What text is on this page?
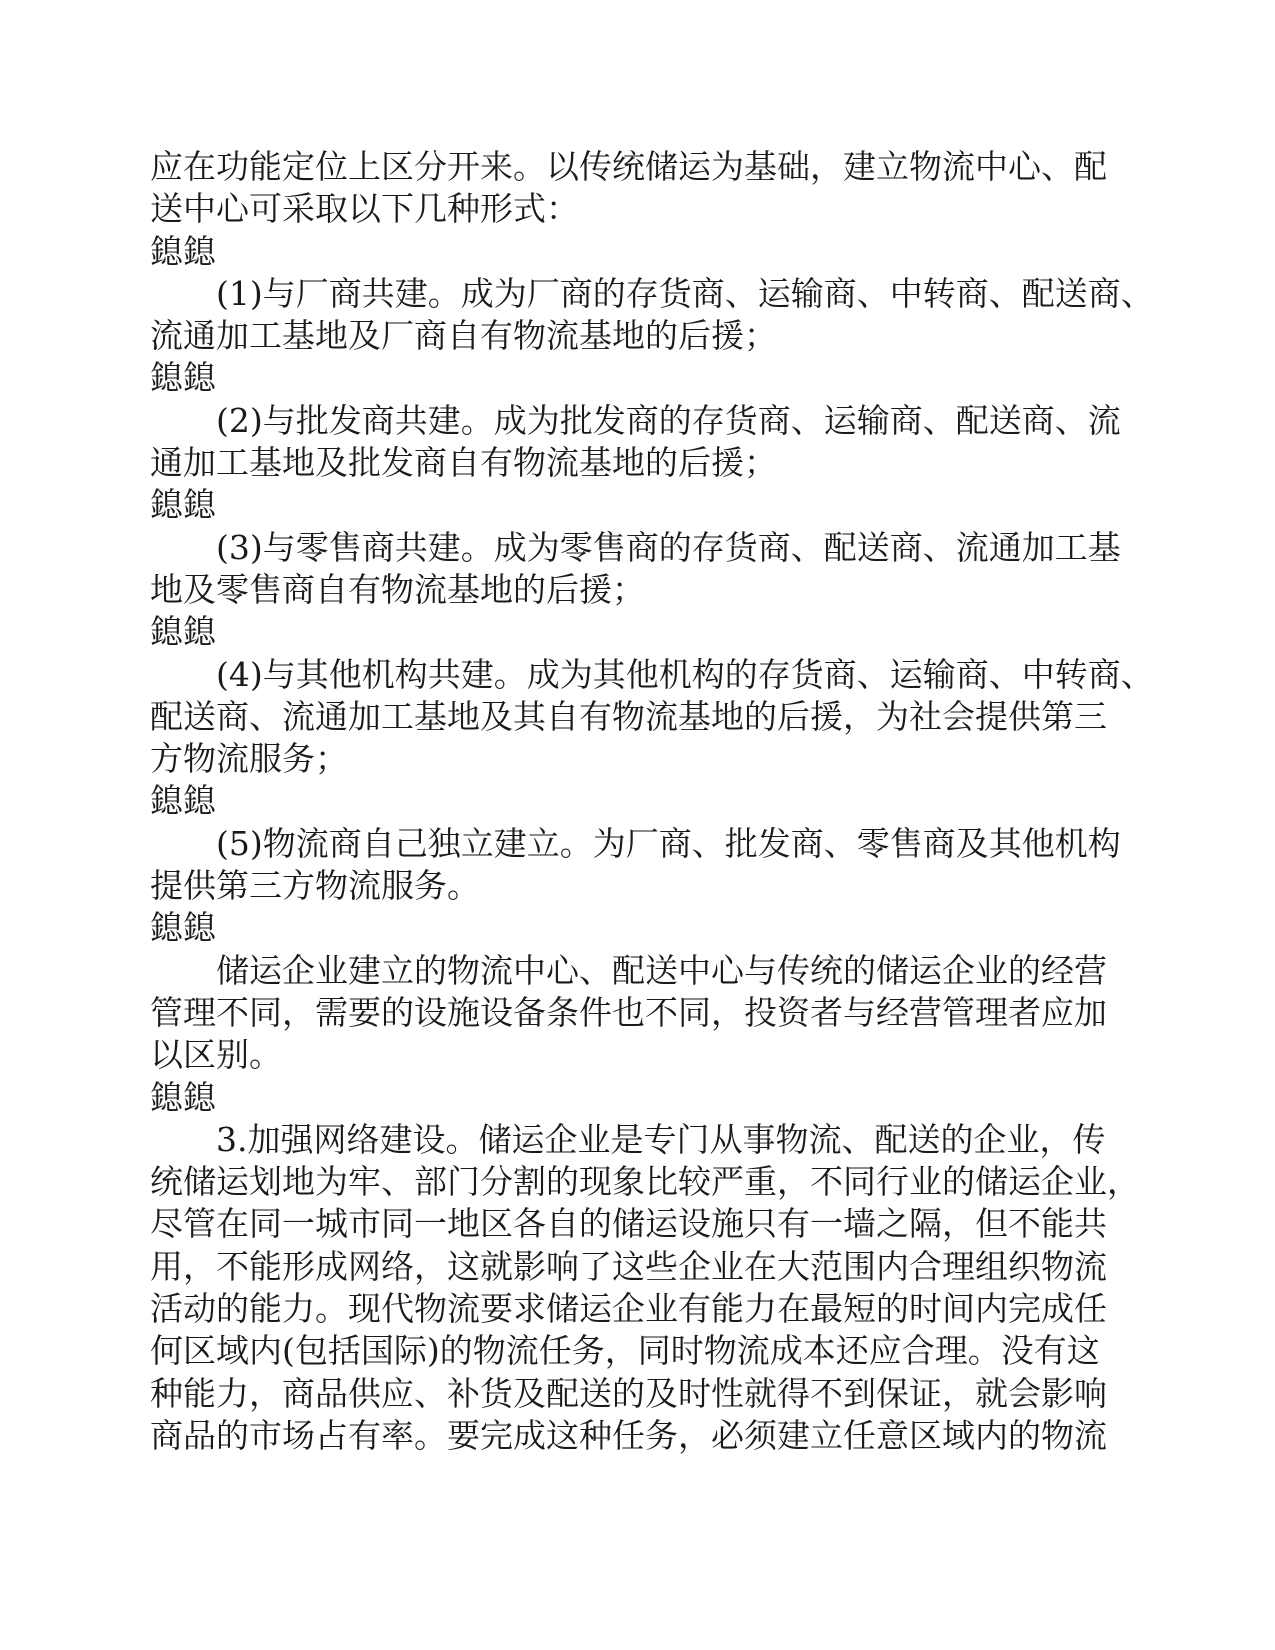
应在功能定位上区分开来。以传统储运为基础，建立物流中心、配
送中心可采取以下几种形式：
鎴鎴
(1)与厂商共建。成为厂商的存货商、运输商、中转商、配送商、
流通加工基地及厂商自有物流基地的后援；
鎴鎴
(2)与批发商共建。成为批发商的存货商、运输商、配送商、流
通加工基地及批发商自有物流基地的后援；
鎴鎴
(3)与零售商共建。成为零售商的存货商、配送商、流通加工基
地及零售商自有物流基地的后援；
鎴鎴
(4)与其他机构共建。成为其他机构的存货商、运输商、中转商、
配送商、流通加工基地及其自有物流基地的后援，为社会提供第三
方物流服务；
鎴鎴
(5)物流商自己独立建立。为厂商、批发商、零售商及其他机构
提供第三方物流服务。
鎴鎴
储运企业建立的物流中心、配送中心与传统的储运企业的经营
管理不同，需要的设施设备条件也不同，投资者与经营管理者应加
以区别。
鎴鎴
3.加强网络建设。储运企业是专门从事物流、配送的企业，传
统储运划地为牢、部门分割的现象比较严重，不同行业的储运企业，
尽管在同一城市同一地区各自的储运设施只有一墙之隔，但不能共
用，不能形成网络，这就影响了这些企业在大范围内合理组织物流
活动的能力。现代物流要求储运企业有能力在最短的时间内完成任
何区域内(包括国际)的物流任务，同时物流成本还应合理。没有这
种能力，商品供应、补货及配送的及时性就得不到保证，就会影响
商品的市场占有率。要完成这种任务，必须建立任意区域内的物流
